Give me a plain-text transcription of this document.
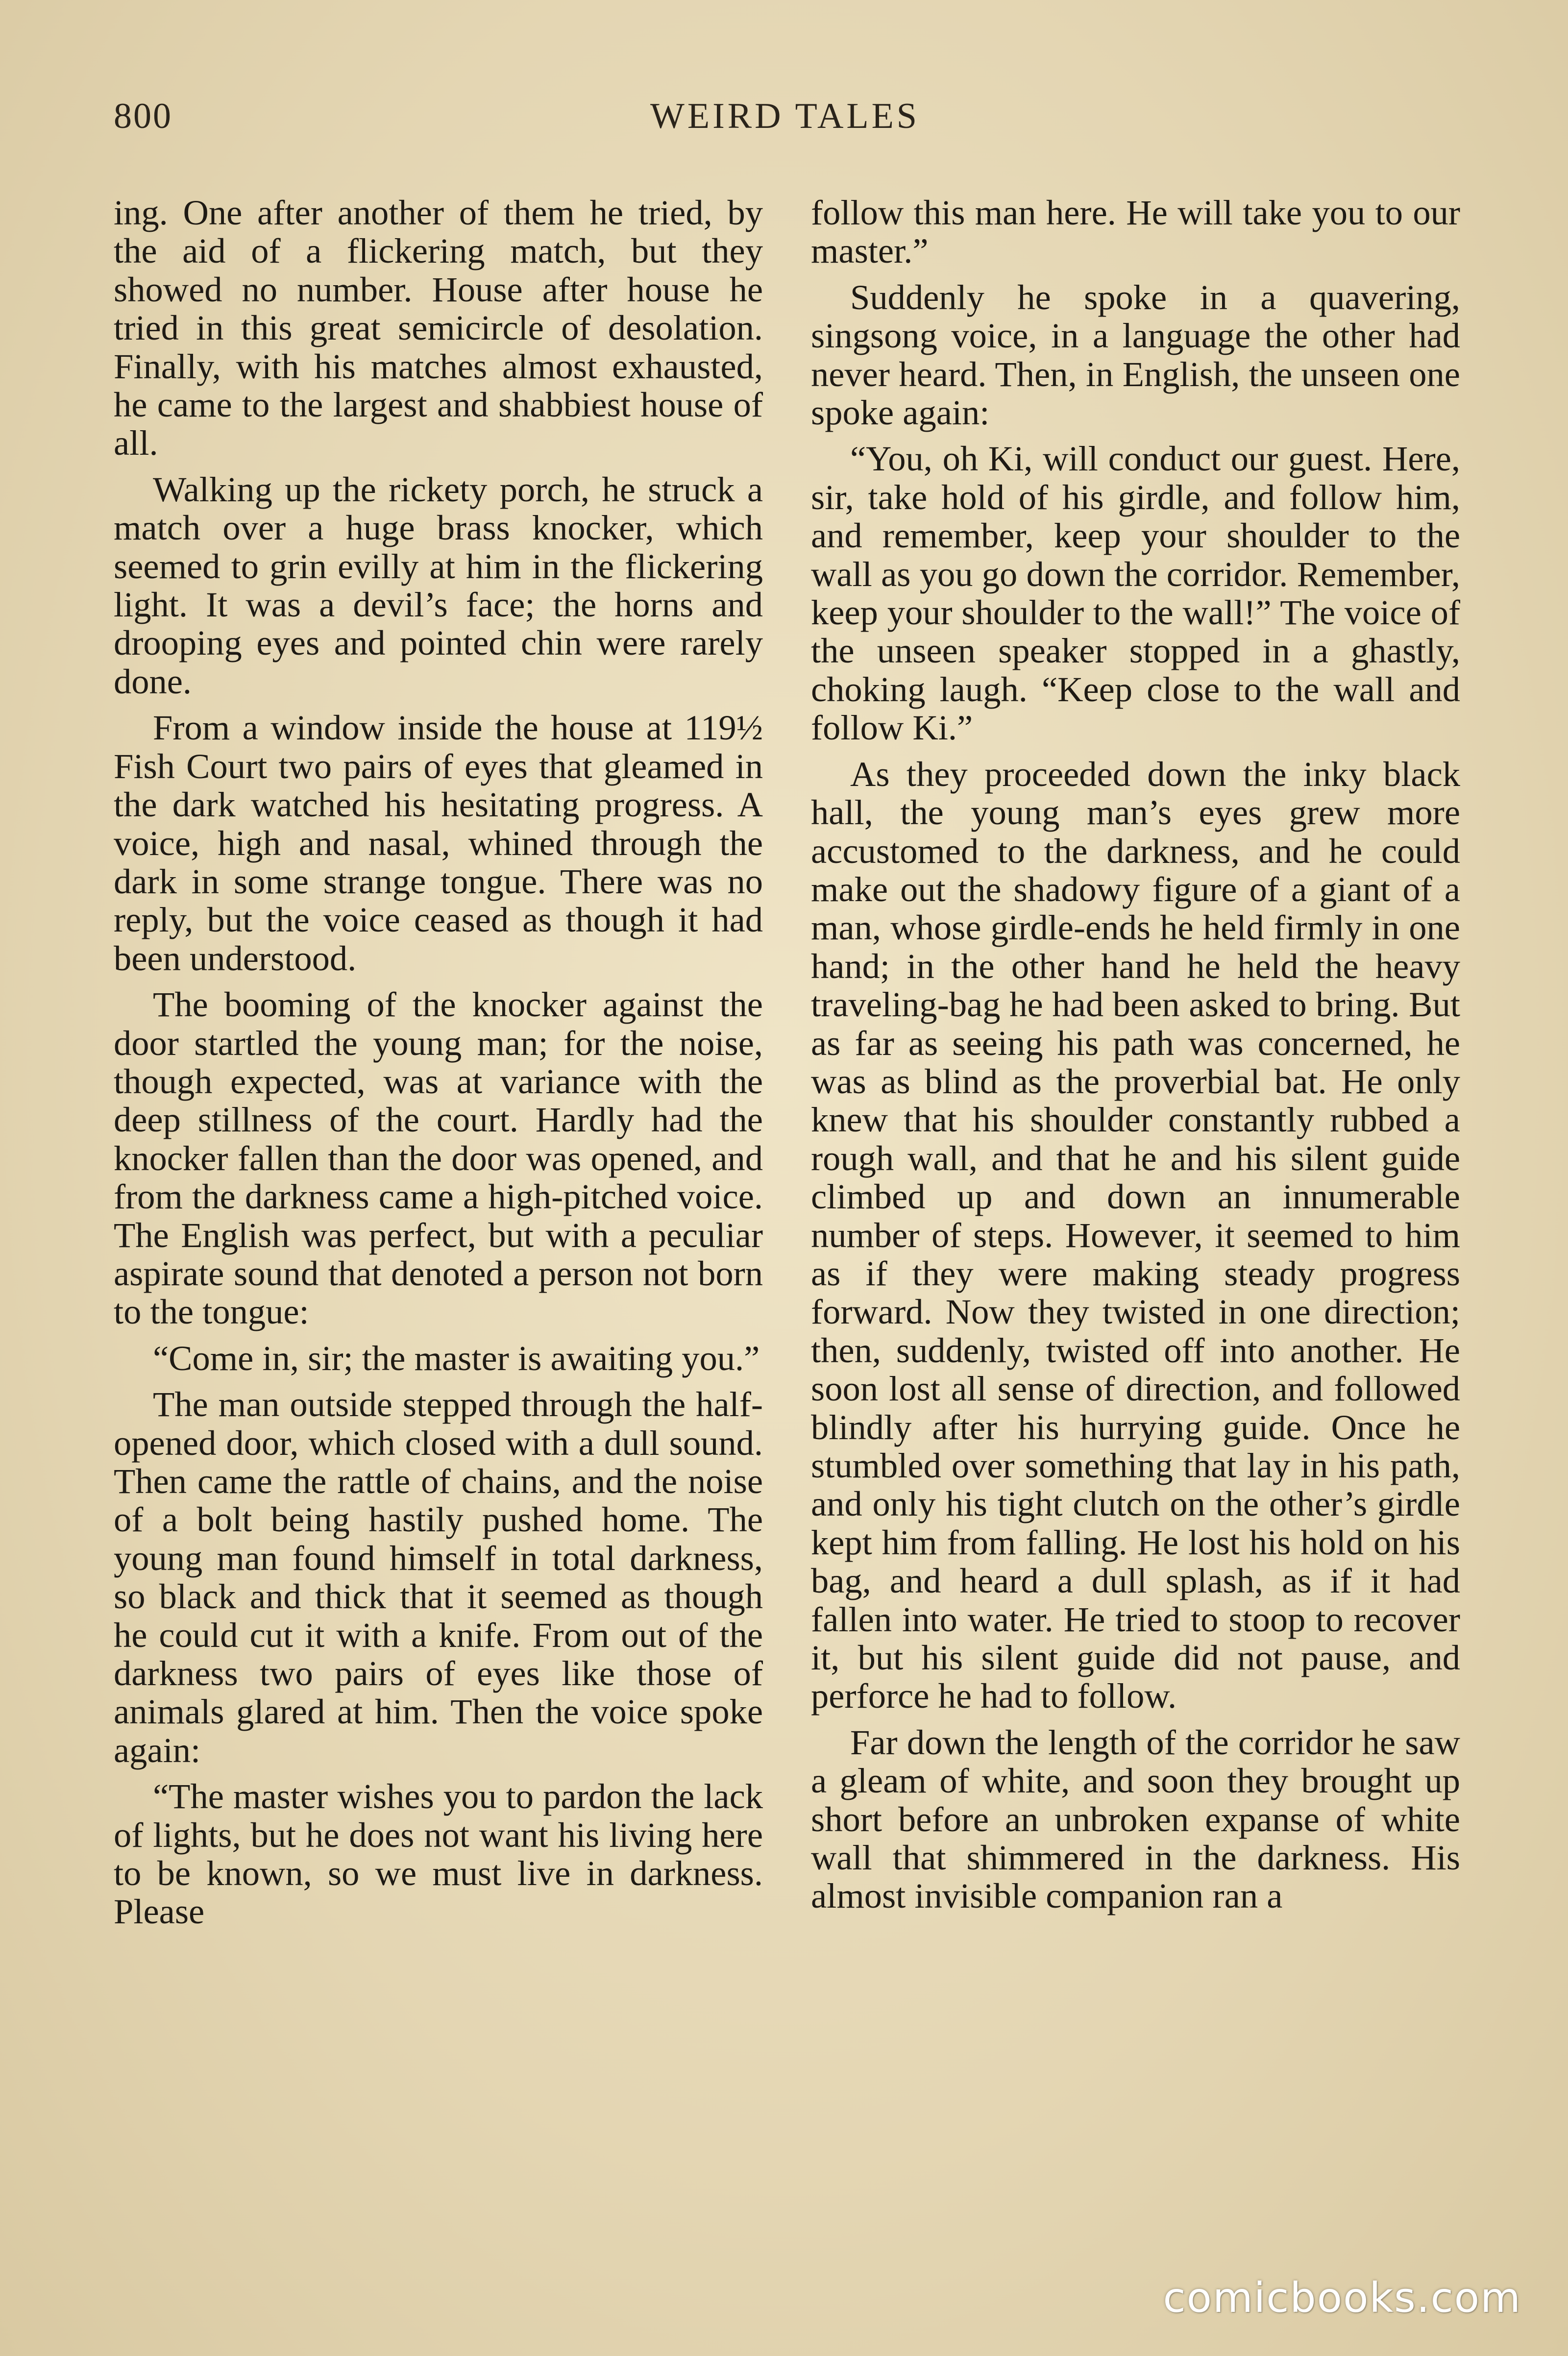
800	WEIRD TALES

ing. One after another of them he tried, by the aid of a flickering match, but they showed no number. House after house he tried in this great semicircle of desolation. Finally, with his matches almost exhausted, he came to the largest and shabbiest house of all.

Walking up the rickety porch, he struck a match over a huge brass knocker, which seemed to grin evilly at him in the flickering light. It was a devil’s face; the horns and drooping eyes and pointed chin were rarely done.

From a window inside the house at 119½ Fish Court two pairs of eyes that gleamed in the dark watched his hesitating progress. A voice, high and nasal, whined through the dark in some strange tongue. There was no reply, but the voice ceased as though it had been understood.

The booming of the knocker against the door startled the young man; for the noise, though expected, was at variance with the deep stillness of the court. Hardly had the knocker fallen than the door was opened, and from the darkness came a high-pitched voice. The English was perfect, but with a peculiar aspirate sound that denoted a person not born to the tongue:

“Come in, sir; the master is awaiting you.”

The man outside stepped through the half-opened door, which closed with a dull sound. Then came the rattle of chains, and the noise of a bolt being hastily pushed home. The young man found himself in total darkness, so black and thick that it seemed as though he could cut it with a knife. From out of the darkness two pairs of eyes like those of animals glared at him. Then the voice spoke again:

“The master wishes you to pardon the lack of lights, but he does not want his living here to be known, so we must live in darkness. Please

follow this man here. He will take you to our master.”

Suddenly he spoke in a quavering, singsong voice, in a language the other had never heard. Then, in English, the unseen one spoke again:

“You, oh Ki, will conduct our guest. Here, sir, take hold of his girdle, and follow him, and remember, keep your shoulder to the wall as you go down the corridor. Remember, keep your shoulder to the wall!” The voice of the unseen speaker stopped in a ghastly, choking laugh. “Keep close to the wall and follow Ki.”

As they proceeded down the inky black hall, the young man’s eyes grew more accustomed to the darkness, and he could make out the shadowy figure of a giant of a man, whose girdle-ends he held firmly in one hand; in the other hand he held the heavy traveling-bag he had been asked to bring. But as far as seeing his path was concerned, he was as blind as the proverbial bat. He only knew that his shoulder constantly rubbed a rough wall, and that he and his silent guide climbed up and down an innumerable number of steps. However, it seemed to him as if they were making steady progress forward. Now they twisted in one direction; then, suddenly, twisted off into another. He soon lost all sense of direction, and followed blindly after his hurrying guide. Once he stumbled over something that lay in his path, and only his tight clutch on the other’s girdle kept him from falling. He lost his hold on his bag, and heard a dull splash, as if it had fallen into water. He tried to stoop to recover it, but his silent guide did not pause, and perforce he had to follow.

Far down the length of the corridor he saw a gleam of white, and soon they brought up short before an unbroken expanse of white wall that shimmered in the darkness. His almost invisible companion ran a

comicbooks.com
